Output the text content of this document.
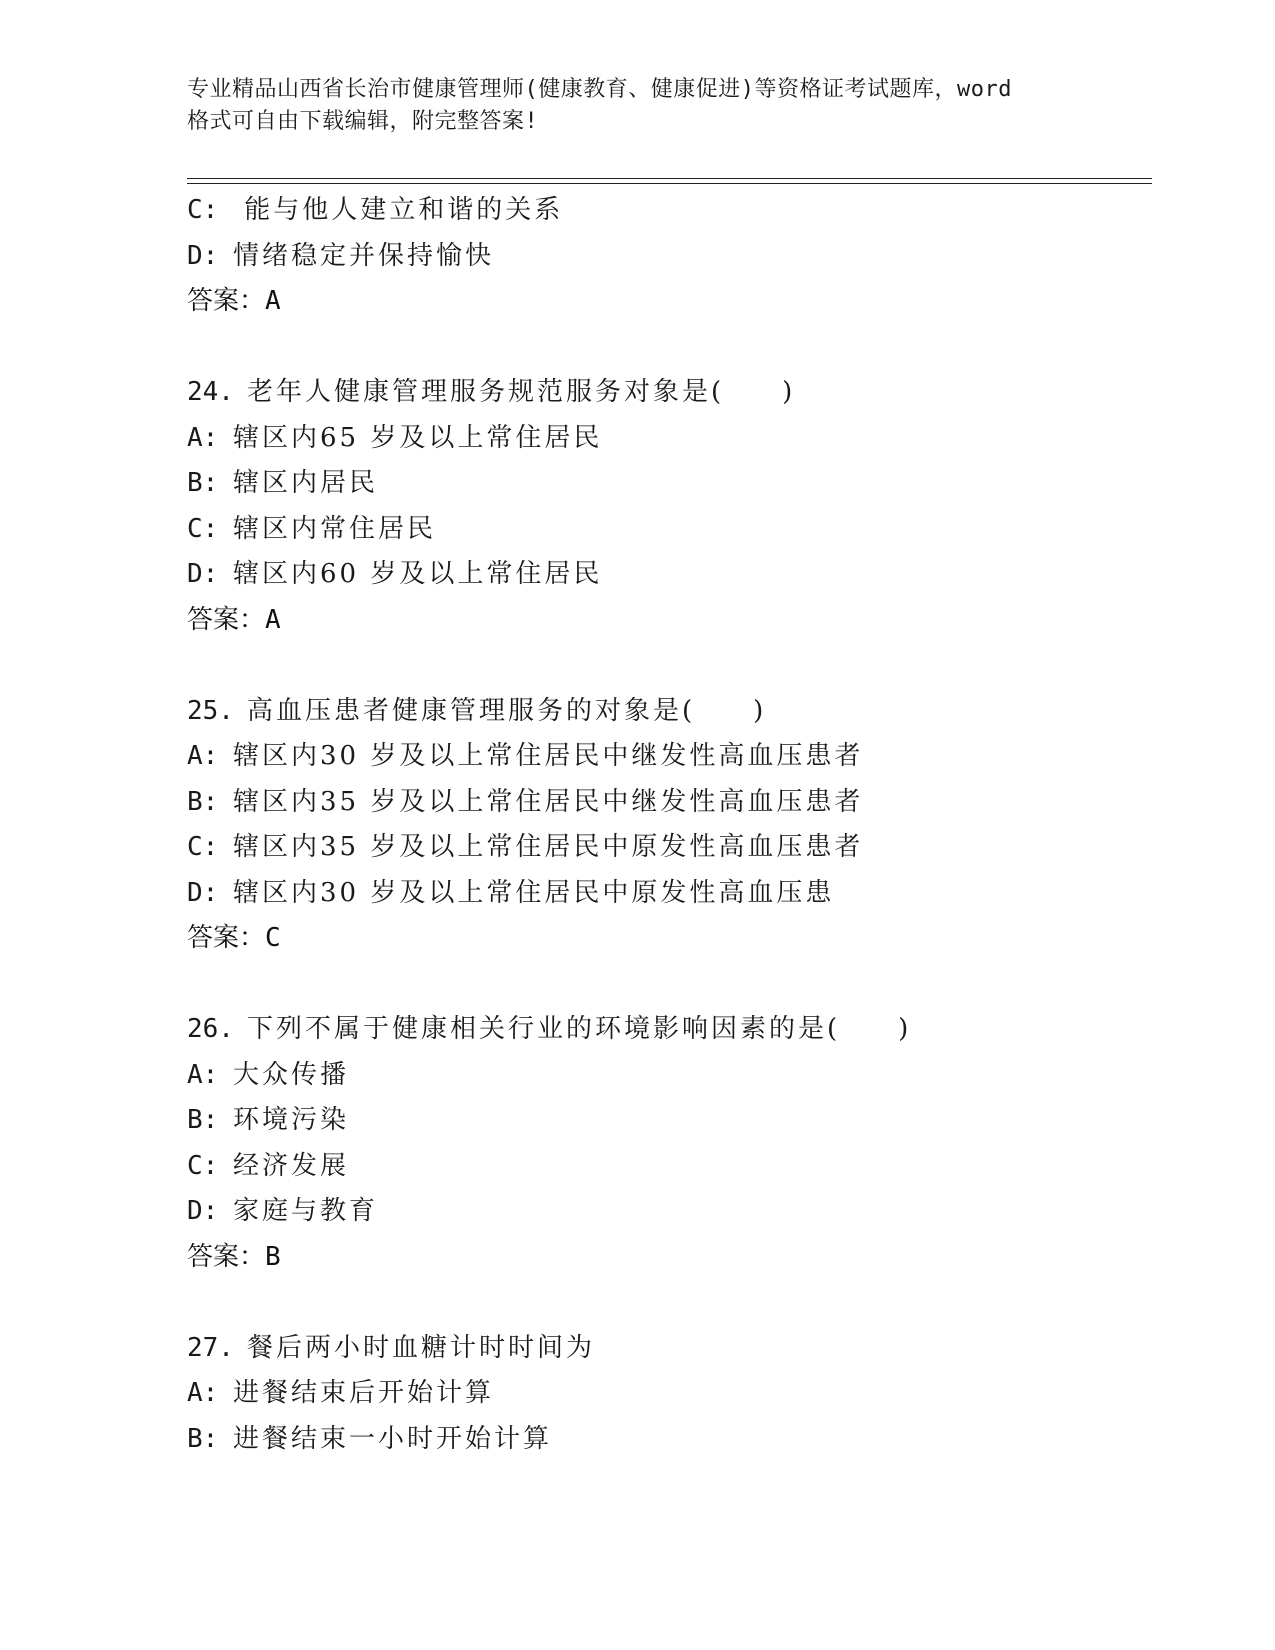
专业精品山西省长治市健康管理师(健康教育、健康促进)等资格证考试题库，word
格式可自由下载编辑，附完整答案!
C: 能与他人建立和谐的关系
D: 情绪稳定并保持愉快
答案：A
24. 老年人健康管理服务规范服务对象是(　　)
A: 辖区内65 岁及以上常住居民
B: 辖区内居民
C: 辖区内常住居民
D: 辖区内60 岁及以上常住居民
答案：A
25. 高血压患者健康管理服务的对象是(　　)
A: 辖区内30 岁及以上常住居民中继发性高血压患者
B: 辖区内35 岁及以上常住居民中继发性高血压患者
C: 辖区内35 岁及以上常住居民中原发性高血压患者
D: 辖区内30 岁及以上常住居民中原发性高血压患
答案：C
26. 下列不属于健康相关行业的环境影响因素的是(　　)
A: 大众传播
B: 环境污染
C: 经济发展
D: 家庭与教育
答案：B
27. 餐后两小时血糖计时时间为
A: 进餐结束后开始计算
B: 进餐结束一小时开始计算
